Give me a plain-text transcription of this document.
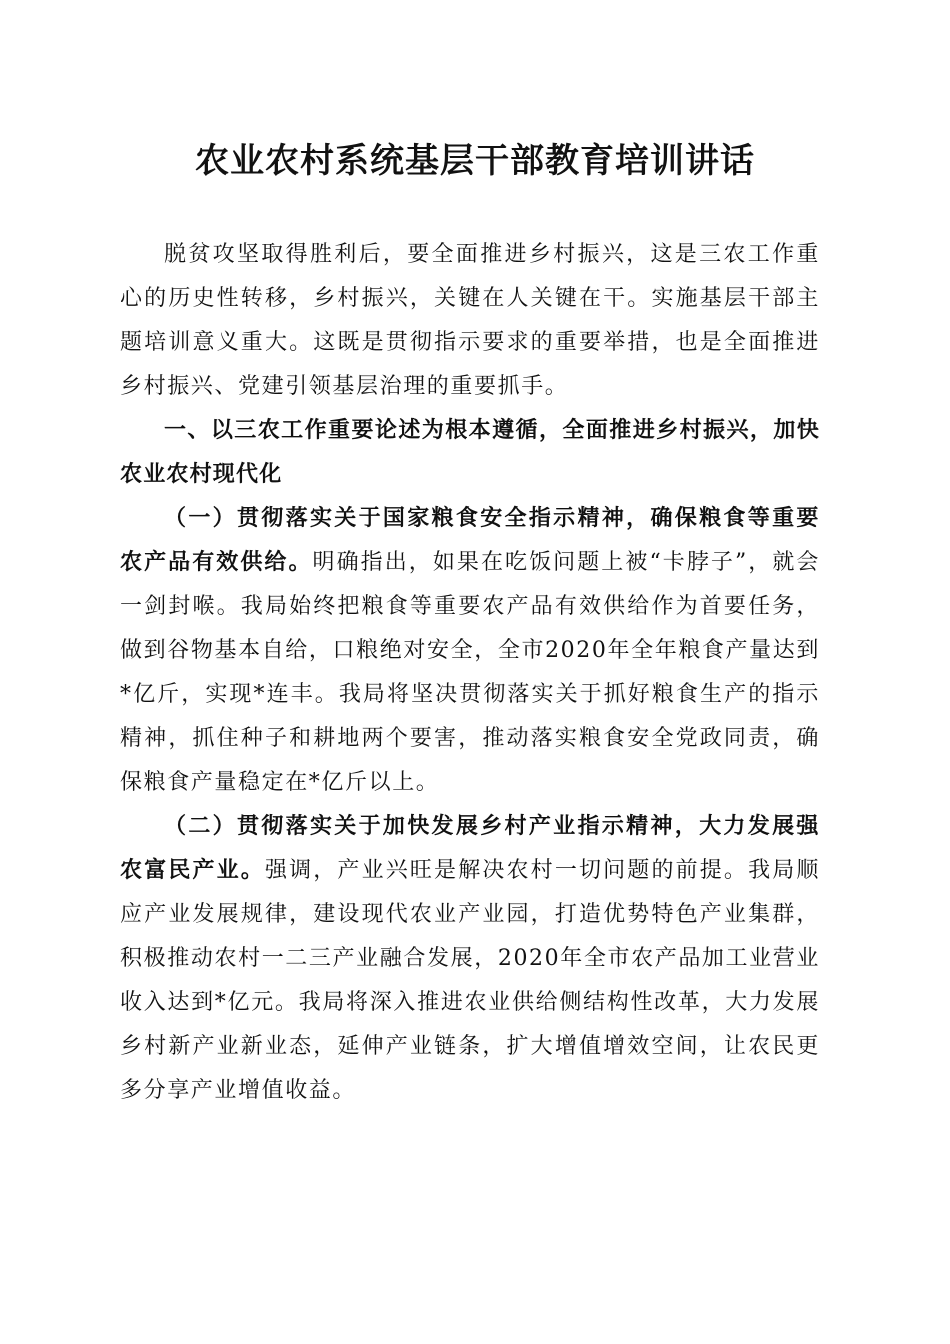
农业农村系统基层干部教育培训讲话

脱贫攻坚取得胜利后，要全面推进乡村振兴，这是三农工作重心的历史性转移，乡村振兴，关键在人关键在干。实施基层干部主题培训意义重大。这既是贯彻指示要求的重要举措，也是全面推进乡村振兴、党建引领基层治理的重要抓手。

一、以三农工作重要论述为根本遵循，全面推进乡村振兴，加快农业农村现代化

（一）贯彻落实关于国家粮食安全指示精神，确保粮食等重要农产品有效供给。明确指出，如果在吃饭问题上被“卡脖子”，就会一剑封喉。我局始终把粮食等重要农产品有效供给作为首要任务，做到谷物基本自给，口粮绝对安全，全市2020年全年粮食产量达到*亿斤，实现*连丰。我局将坚决贯彻落实关于抓好粮食生产的指示精神，抓住种子和耕地两个要害，推动落实粮食安全党政同责，确保粮食产量稳定在*亿斤以上。

（二）贯彻落实关于加快发展乡村产业指示精神，大力发展强农富民产业。强调，产业兴旺是解决农村一切问题的前提。我局顺应产业发展规律，建设现代农业产业园，打造优势特色产业集群，积极推动农村一二三产业融合发展，2020年全市农产品加工业营业收入达到*亿元。我局将深入推进农业供给侧结构性改革，大力发展乡村新产业新业态，延伸产业链条，扩大增值增效空间，让农民更多分享产业增值收益。
